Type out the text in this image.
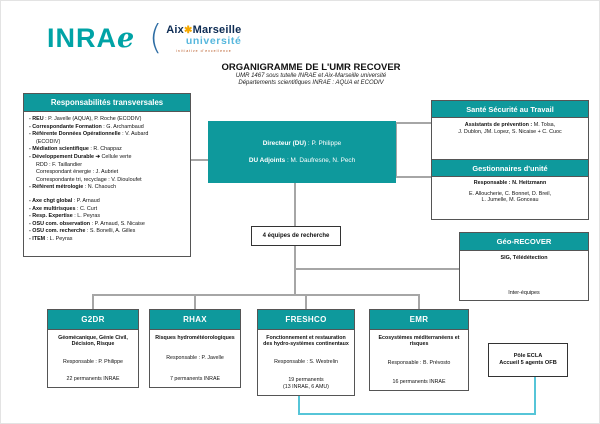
INRAe ( Aix✱Marseille
université
initiative d'excellence
ORGANIGRAMME DE L'UMR RECOVER
UMR 1467 sous tutelle INRAE et Aix-Marseille université
Départements scientifiques INRAE : AQUA et ECODIV
Responsabilités transversales
- REU : P. Javelle (AQUA), P. Roche (ECODIV)
- Correspondante Formation : G. Archambaud
- Référente Données Opérationnelle : V. Aubard
(ECODIV)
- Médiation scientifique : R. Chappaz
- Développement Durable ➔ Cellule verte
RDD : F. Taillandier
Correspondant énergie : J. Aubriet
Correspondante tri, recyclage : V. Diouloufet
- Référent métrologie : N. Chaouch
- Axe chgt global : P. Arnaud
- Axe multirisques : C. Curt
- Resp. Expertise : L. Peyras
- OSU com. observation : P. Arnaud, S. Nicaise
- OSU com. recherche : S. Bonelli, A. Gilles
- ITEM : L. Peyras
Directeur (DU) : P. Philippe
DU Adjoints : M. Daufresne, N. Pech
Santé Sécurité au Travail
Assistants de prévention : M. Tolsa,
J. Dublon, JM. Lopez, S. Nicaise + C. Cuoc
Gestionnaires d'unité
Responsable : N. Heitzmann
E. Alloucherie, C. Bonnet, D. Breil,
L. Jumelle, M. Gonceau
Géo-RECOVER
SIG, Télédétection
Inter-équipes
4 équipes de recherche
G2DR
Géomécanique, Génie Civil, Décision, Risque
Responsable : P. Philippe
22 permanents INRAE
RHAX
Risques hydrométéorologiques
Responsable : P. Javelle
7 permanents INRAE
FRESHCO
Fonctionnement et restauration des hydro-systèmes continentaux
Responsable : S. Westrelin
19 permanents
(13 INRAE, 6 AMU)
EMR
Ecosystèmes méditerranéens et risques
Responsable : B. Prévosto
16 permanents INRAE
Pôle ECLA
Accueil 5 agents OFB
